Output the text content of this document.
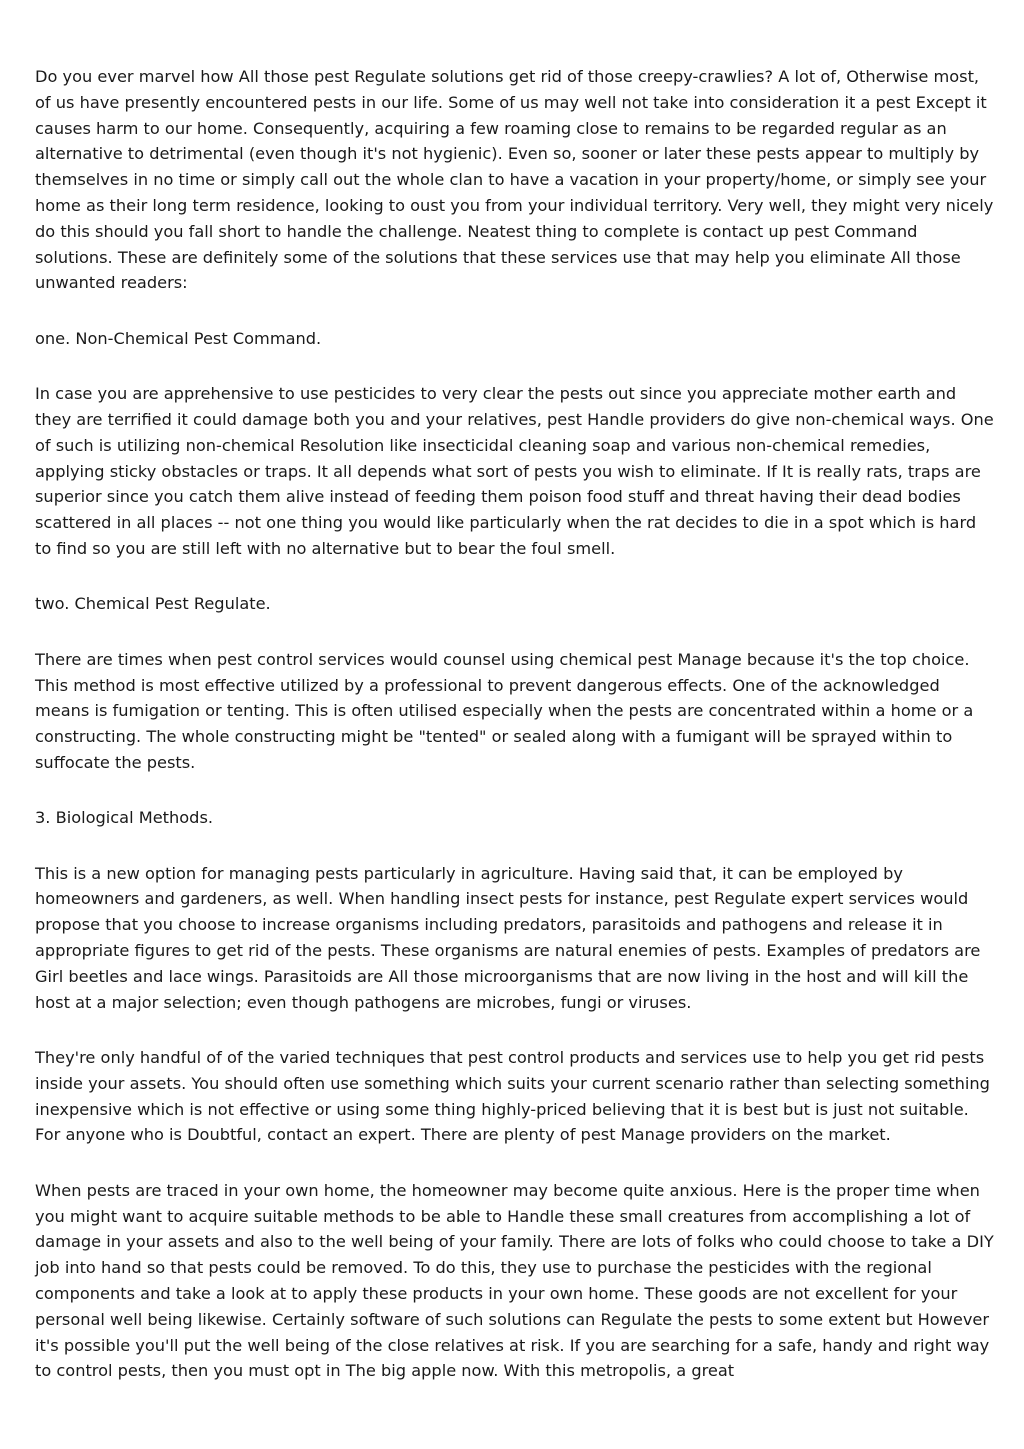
Do you ever marvel how All those pest Regulate solutions get rid of those creepy-crawlies? A lot of, Otherwise most, of us have presently encountered pests in our life. Some of us may well not take into consideration it a pest Except it causes harm to our home. Consequently, acquiring a few roaming close to remains to be regarded regular as an alternative to detrimental (even though it's not hygienic). Even so, sooner or later these pests appear to multiply by themselves in no time or simply call out the whole clan to have a vacation in your property/home, or simply see your home as their long term residence, looking to oust you from your individual territory. Very well, they might very nicely do this should you fall short to handle the challenge. Neatest thing to complete is contact up pest Command solutions. These are definitely some of the solutions that these services use that may help you eliminate All those unwanted readers:

one. Non-Chemical Pest Command.

In case you are apprehensive to use pesticides to very clear the pests out since you appreciate mother earth and they are terrified it could damage both you and your relatives, pest Handle providers do give non-chemical ways. One of such is utilizing non-chemical Resolution like insecticidal cleaning soap and various non-chemical remedies, applying sticky obstacles or traps. It all depends what sort of pests you wish to eliminate. If It is really rats, traps are superior since you catch them alive instead of feeding them poison food stuff and threat having their dead bodies scattered in all places -- not one thing you would like particularly when the rat decides to die in a spot which is hard to find so you are still left with no alternative but to bear the foul smell.

two. Chemical Pest Regulate.

There are times when pest control services would counsel using chemical pest Manage because it's the top choice. This method is most effective utilized by a professional to prevent dangerous effects. One of the acknowledged means is fumigation or tenting. This is often utilised especially when the pests are concentrated within a home or a constructing. The whole constructing might be "tented" or sealed along with a fumigant will be sprayed within to suffocate the pests.

3. Biological Methods.

This is a new option for managing pests particularly in agriculture. Having said that, it can be employed by homeowners and gardeners, as well. When handling insect pests for instance, pest Regulate expert services would propose that you choose to increase organisms including predators, parasitoids and pathogens and release it in appropriate figures to get rid of the pests. These organisms are natural enemies of pests. Examples of predators are Girl beetles and lace wings. Parasitoids are All those microorganisms that are now living in the host and will kill the host at a major selection; even though pathogens are microbes, fungi or viruses.

They're only handful of of the varied techniques that pest control products and services use to help you get rid pests inside your assets. You should often use something which suits your current scenario rather than selecting something inexpensive which is not effective or using some thing highly-priced believing that it is best but is just not suitable. For anyone who is Doubtful, contact an expert. There are plenty of pest Manage providers on the market.

When pests are traced in your own home, the homeowner may become quite anxious. Here is the proper time when you might want to acquire suitable methods to be able to Handle these small creatures from accomplishing a lot of damage in your assets and also to the well being of your family. There are lots of folks who could choose to take a DIY job into hand so that pests could be removed. To do this, they use to purchase the pesticides with the regional components and take a look at to apply these products in your own home. These goods are not excellent for your personal well being likewise. Certainly software of such solutions can Regulate the pests to some extent but However it's possible you'll put the well being of the close relatives at risk. If you are searching for a safe, handy and right way to control pests, then you must opt in The big apple now. With this metropolis, a great
